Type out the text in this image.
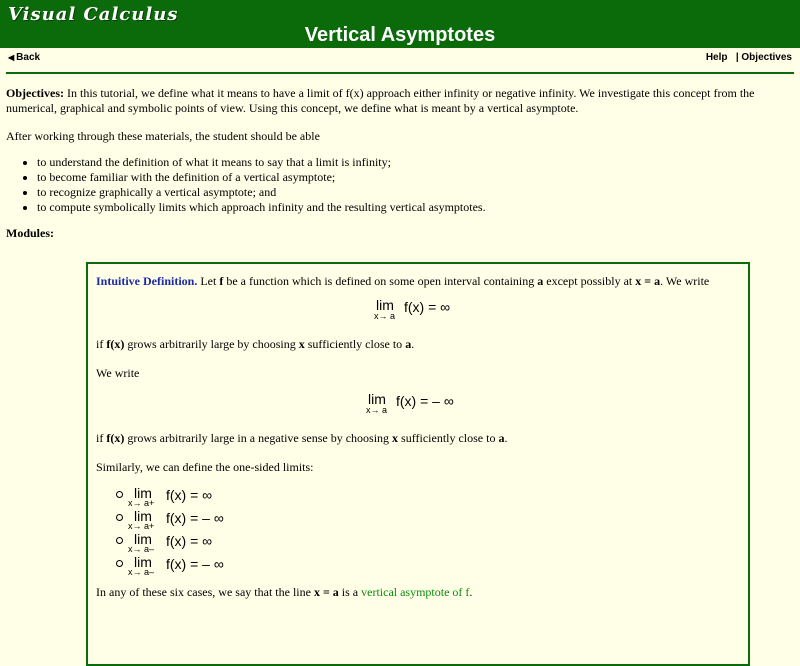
Visual Calculus
Vertical Asymptotes
◀ Back	Help | Objectives

Objectives: In this tutorial, we define what it means to have a limit of f(x) approach either infinity or negative infinity. We investigate this concept from the numerical, graphical and symbolic points of view. Using this concept, we define what is meant by a vertical asymptote.

After working through these materials, the student should be able

• to understand the definition of what it means to say that a limit is infinity;
• to become familiar with the definition of a vertical asymptote;
• to recognize graphically a vertical asymptote; and
• to compute symbolically limits which approach infinity and the resulting vertical asymptotes.

Modules:

Intuitive Definition. Let f be a function which is defined on some open interval containing a except possibly at x = a. We write

lim
x→ a
f(x) = ∞

if f(x) grows arbitrarily large by choosing x sufficiently close to a.

We write

lim
x→ a
f(x) = – ∞

if f(x) grows arbitrarily large in a negative sense by choosing x sufficiently close to a.

Similarly, we can define the one-sided limits:

lim
x→ a+ f(x) = ∞
lim
x→ a+ f(x) = – ∞
lim
x→ a– f(x) = ∞
lim
x→ a– f(x) = – ∞

In any of these six cases, we say that the line x = a is a vertical asymptote of f.
